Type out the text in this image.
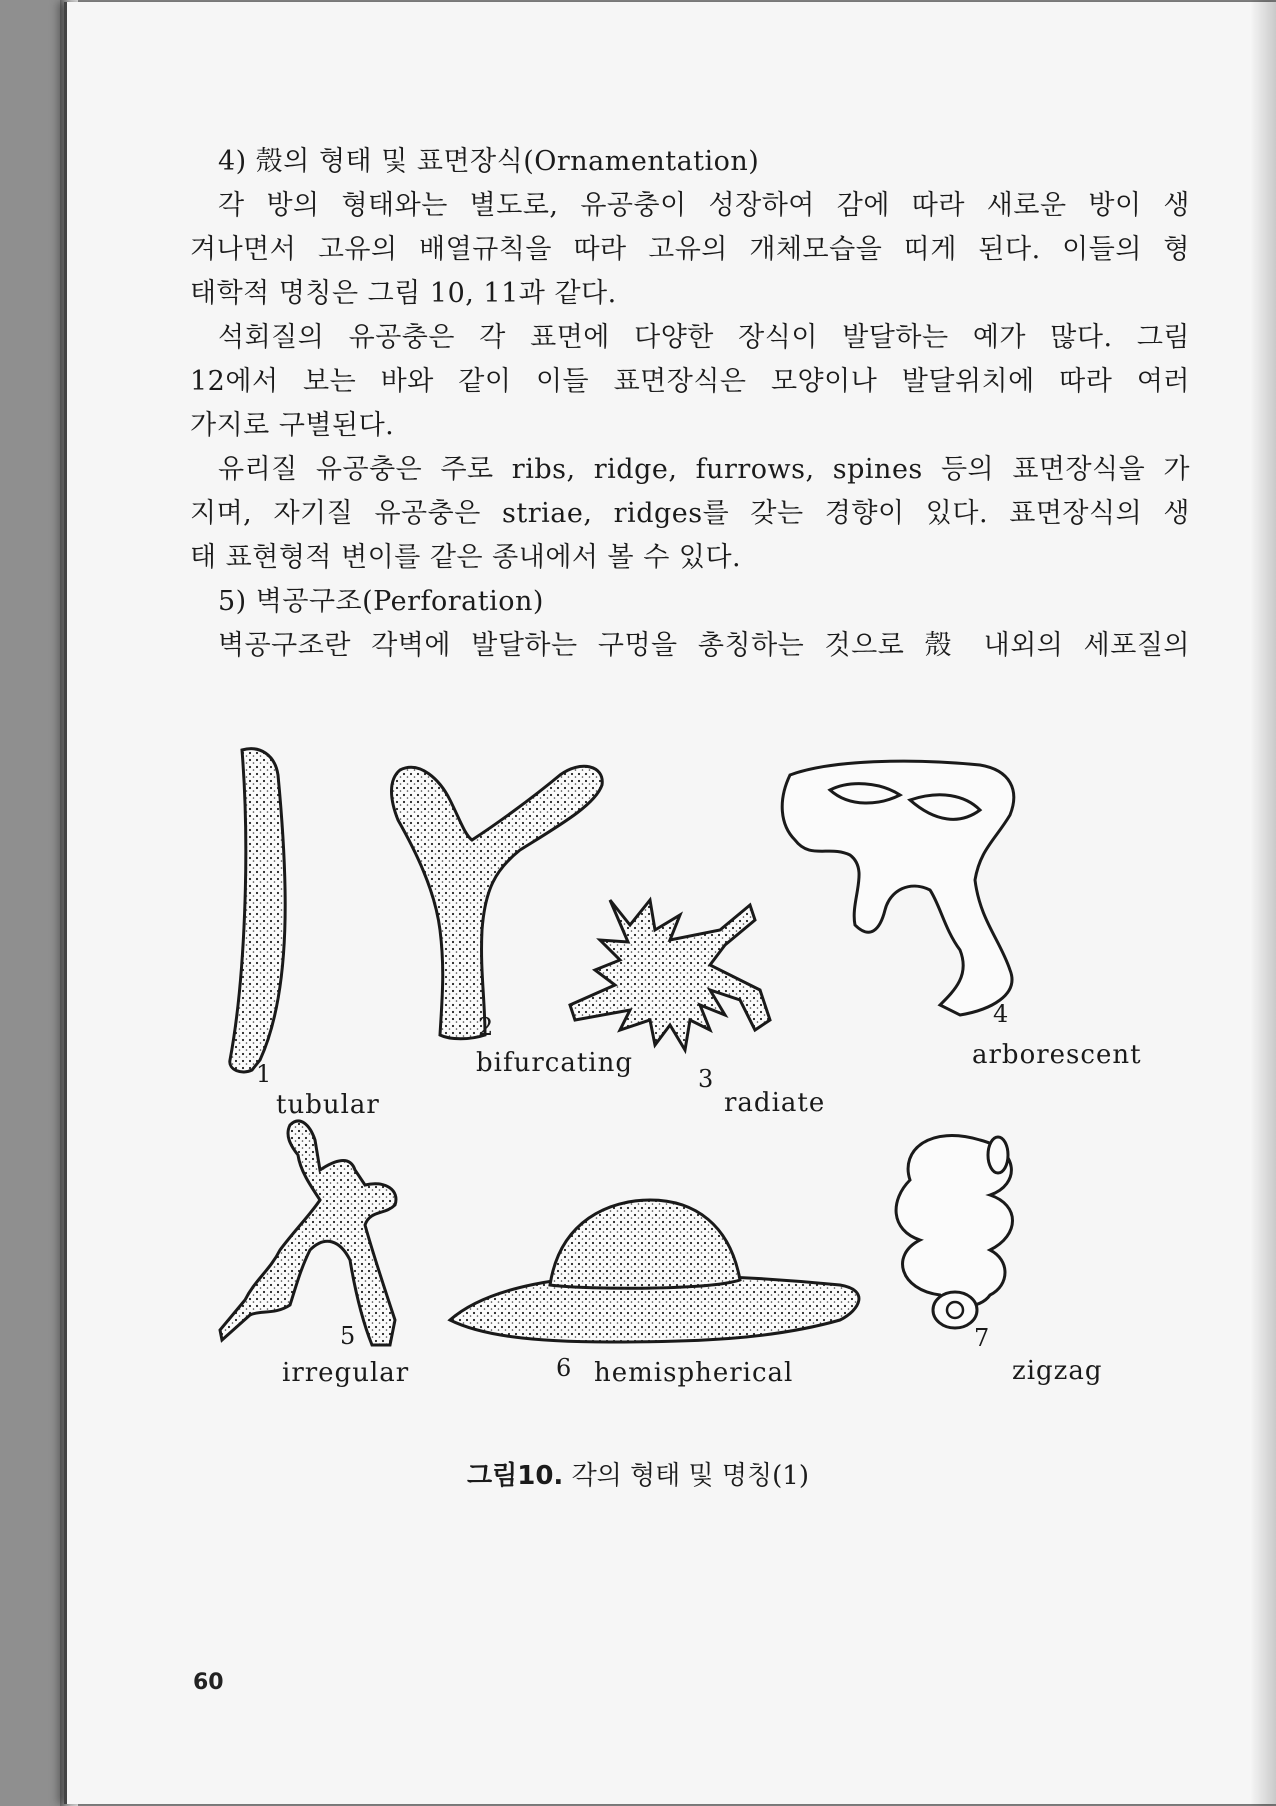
4) 殼의 형태 및 표면장식(Ornamentation)
각 방의 형태와는 별도로, 유공충이 성장하여 감에 따라 새로운 방이 생
겨나면서 고유의 배열규칙을 따라 고유의 개체모습을 띠게 된다. 이들의 형
태학적 명칭은 그림 10, 11과 같다.
석회질의 유공충은 각 표면에 다양한 장식이 발달하는 예가 많다. 그림
12에서 보는 바와 같이 이들 표면장식은 모양이나 발달위치에 따라 여러
가지로 구별된다.
유리질 유공충은 주로 ribs, ridge, furrows, spines 등의 표면장식을 가
지며, 자기질 유공충은 striae, ridges를 갖는 경향이 있다. 표면장식의 생
태 표현형적 변이를 같은 종내에서 볼 수 있다.
5) 벽공구조(Perforation)
벽공구조란 각벽에 발달하는 구멍을 총칭하는 것으로 殼 내외의 세포질의
1
tubular
2
bifurcating
3
radiate
4
arborescent
5
irregular	6 hemispherical
7
zigzag
그림10. 각의 형태 및 명칭(1)
60
